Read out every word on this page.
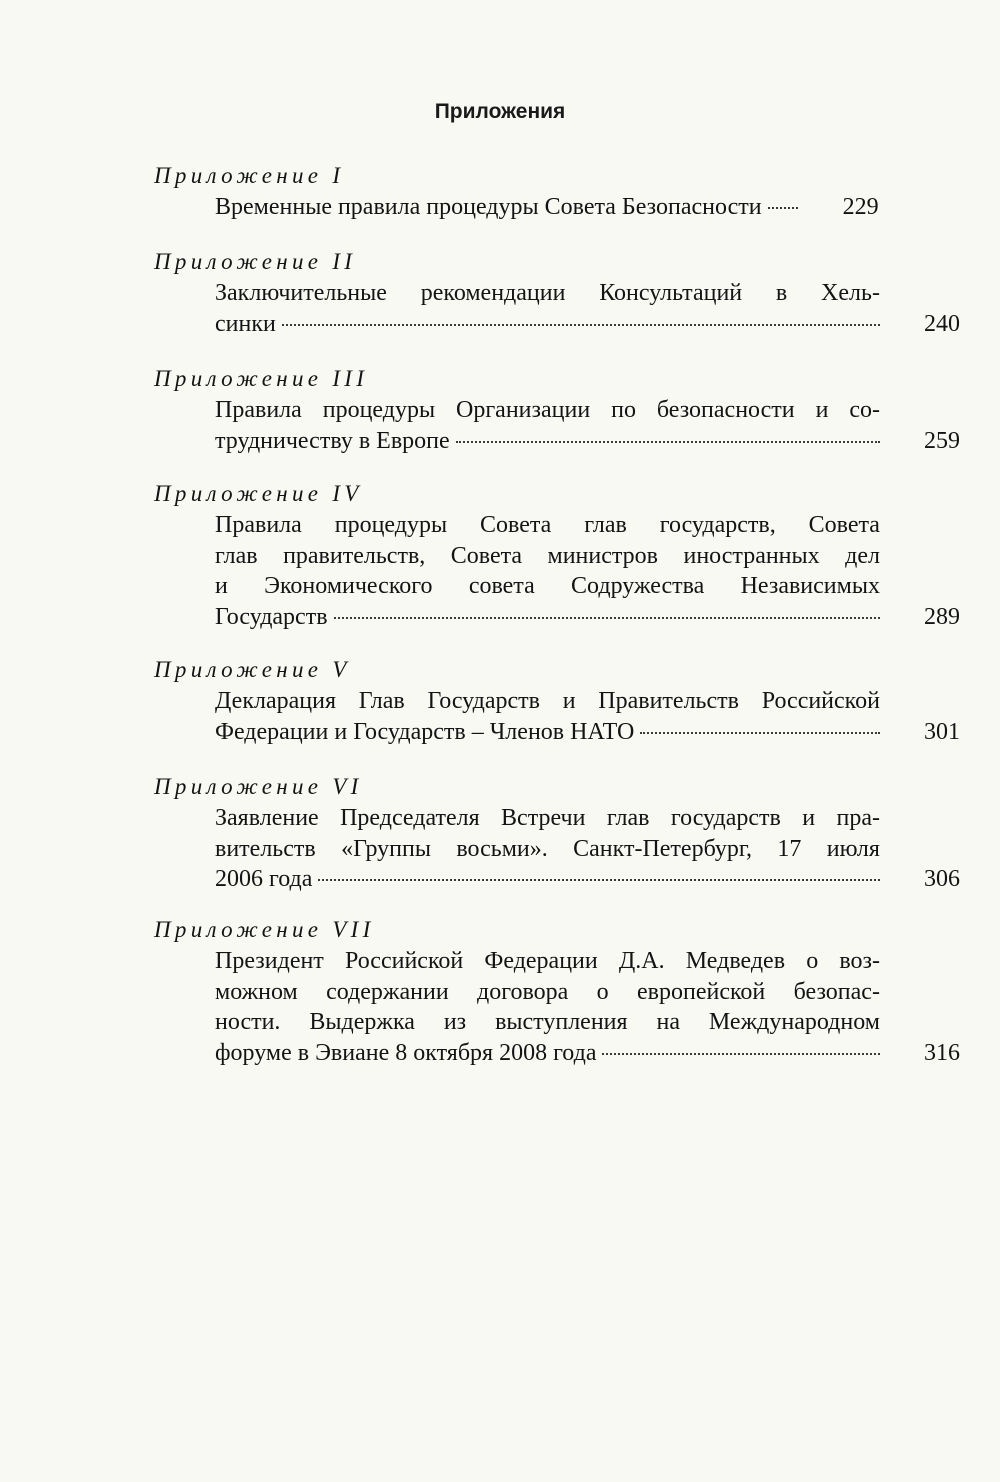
Приложения
Приложение I
Временные правила процедуры Совета Безопасности	229
Приложение II
Заключительные рекомендации Консультаций в Хель-
синки	240
Приложение III
Правила процедуры Организации по безопасности и со-
трудничеству в Европе	259
Приложение IV
Правила процедуры Совета глав государств, Совета
глав правительств, Совета министров иностранных дел
и Экономического совета Содружества Независимых
Государств	289
Приложение V
Декларация Глав Государств и Правительств Российской
Федерации и Государств – Членов НАТО	301
Приложение VI
Заявление Председателя Встречи глав государств и пра-
вительств «Группы восьми». Санкт-Петербург, 17 июля
2006 года	306
Приложение VII
Президент Российской Федерации Д.А. Медведев о воз-
можном содержании договора о европейской безопас-
ности. Выдержка из выступления на Международном
форуме в Эвиане 8 октября 2008 года	316
